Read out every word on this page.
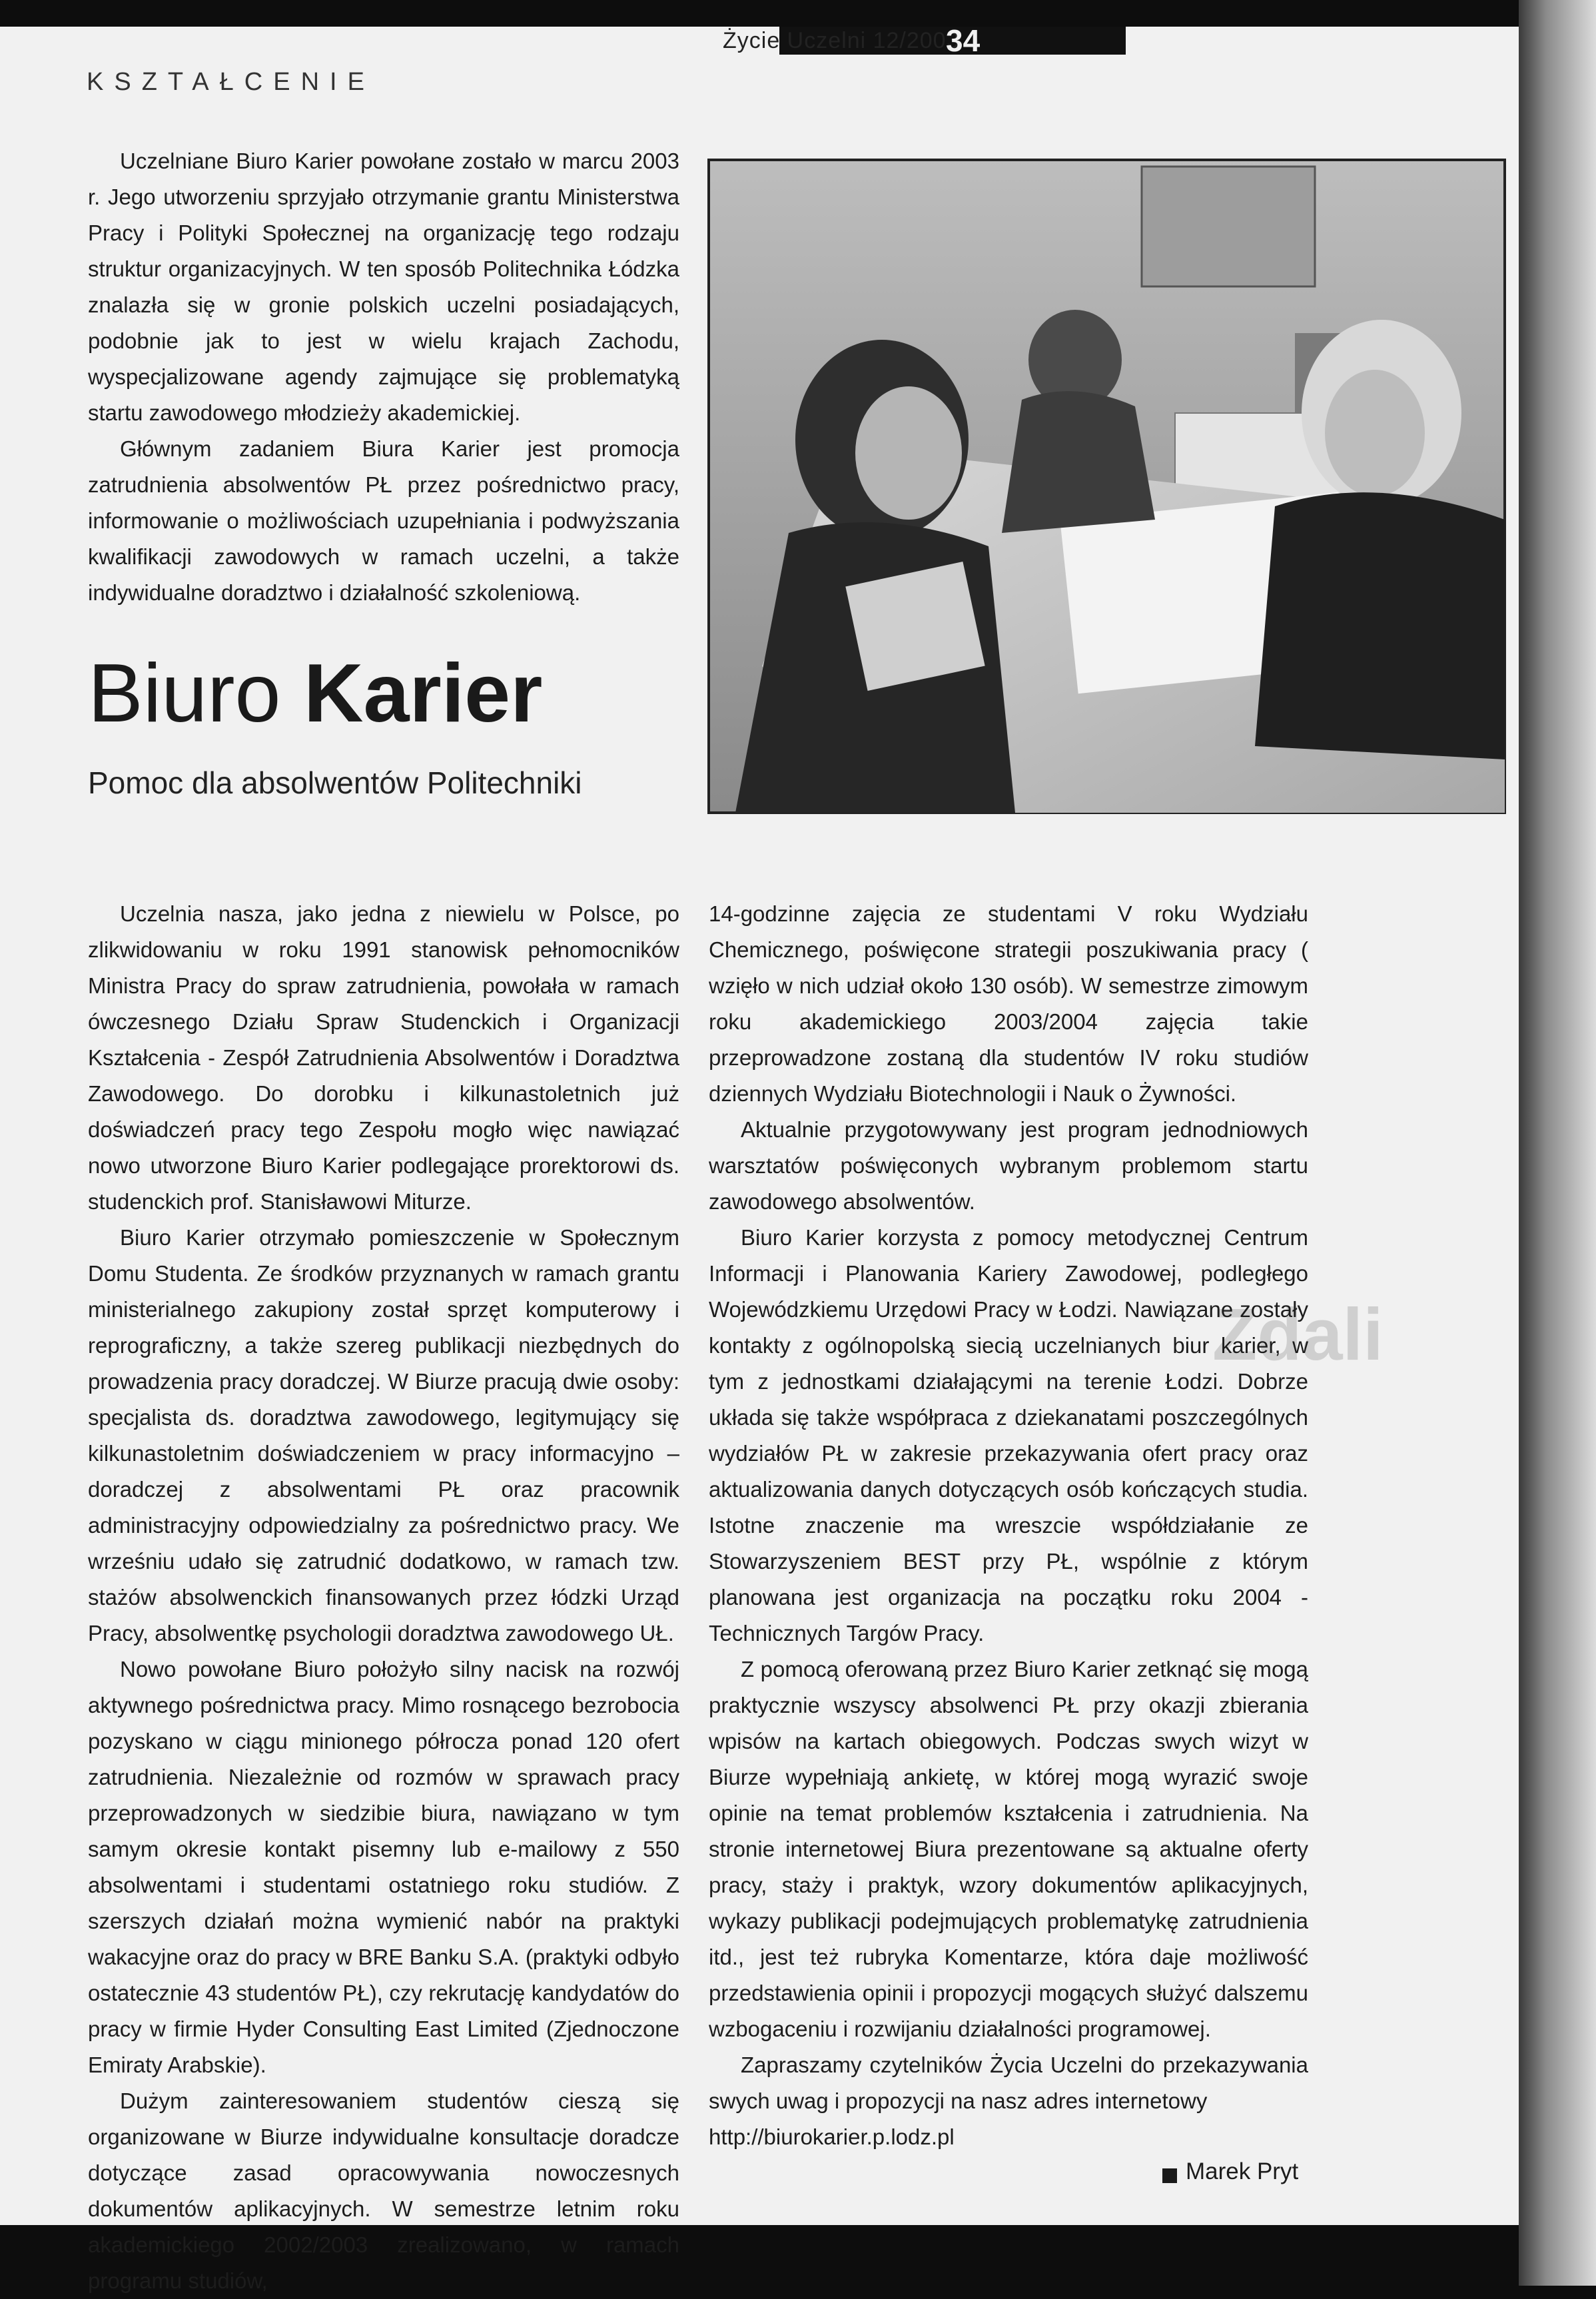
Życie Uczelni 12/2003
34
KSZTAŁCENIE
Zdali

Uczelniane Biuro Karier powołane zostało w marcu 2003 r. Jego utworzeniu sprzyjało otrzymanie grantu Ministerstwa Pracy i Polityki Społecznej na organizację tego rodzaju struktur organizacyjnych. W ten sposób Politechnika Łódzka znalazła się w gronie polskich uczelni posiadających, podobnie jak to jest w wielu krajach Zachodu, wyspecjalizowane agendy zajmujące się problematyką startu zawodowego młodzieży akademickiej.

Głównym zadaniem Biura Karier jest promocja zatrudnienia absolwentów PŁ przez pośrednictwo pracy, informowanie o możliwościach uzupełniania i podwyższania kwalifikacji zawodowych w ramach uczelni, a także indywidualne doradztwo i działalność szkoleniową.

Biuro Karier
Pomoc dla absolwentów Politechniki

Uczelnia nasza, jako jedna z niewielu w Polsce, po zlikwidowaniu w roku 1991 stanowisk pełnomocników Ministra Pracy do spraw zatrudnienia, powołała w ramach ówczesnego Działu Spraw Studenckich i Organizacji Kształcenia - Zespół Zatrudnienia Absolwentów i Doradztwa Zawodowego. Do dorobku i kilkunastoletnich już doświadczeń pracy tego Zespołu mogło więc nawiązać nowo utworzone Biuro Karier podlegające prorektorowi ds. studenckich prof. Stanisławowi Miturze.

Biuro Karier otrzymało pomieszczenie w Społecznym Domu Studenta. Ze środków przyznanych w ramach grantu ministerialnego zakupiony został sprzęt komputerowy i reprograficzny, a także szereg publikacji niezbędnych do prowadzenia pracy doradczej. W Biurze pracują dwie osoby: specjalista ds. doradztwa zawodowego, legitymujący się kilkunastoletnim doświadczeniem w pracy informacyjno – doradczej z absolwentami PŁ oraz pracownik administracyjny odpowiedzialny za pośrednictwo pracy. We wrześniu udało się zatrudnić dodatkowo, w ramach tzw. stażów absolwenckich finansowanych przez łódzki Urząd Pracy, absolwentkę psychologii doradztwa zawodowego UŁ.

Nowo powołane Biuro położyło silny nacisk na rozwój aktywnego pośrednictwa pracy. Mimo rosnącego bezrobocia pozyskano w ciągu minionego półrocza ponad 120 ofert zatrudnienia. Niezależnie od rozmów w sprawach pracy przeprowadzonych w siedzibie biura, nawiązano w tym samym okresie kontakt pisemny lub e-mailowy z 550 absolwentami i studentami ostatniego roku studiów. Z szerszych działań można wymienić nabór na praktyki wakacyjne oraz do pracy w BRE Banku S.A. (praktyki odbyło ostatecznie 43 studentów PŁ), czy rekrutację kandydatów do pracy w firmie Hyder Consulting East Limited (Zjednoczone Emiraty Arabskie).

Dużym zainteresowaniem studentów cieszą się organizowane w Biurze indywidualne konsultacje doradcze dotyczące zasad opracowywania nowoczesnych dokumentów aplikacyjnych. W semestrze letnim roku akademickiego 2002/2003 zrealizowano, w ramach programu studiów,

14-godzinne zajęcia ze studentami V roku Wydziału Chemicznego, poświęcone strategii poszukiwania pracy ( wzięło w nich udział około 130 osób). W semestrze zimowym roku akademickiego 2003/2004 zajęcia takie przeprowadzone zostaną dla studentów IV roku studiów dziennych Wydziału Biotechnologii i Nauk o Żywności.

Aktualnie przygotowywany jest program jednodniowych warsztatów poświęconych wybranym problemom startu zawodowego absolwentów.

Biuro Karier korzysta z pomocy metodycznej Centrum Informacji i Planowania Kariery Zawodowej, podległego Wojewódzkiemu Urzędowi Pracy w Łodzi. Nawiązane zostały kontakty z ogólnopolską siecią uczelnianych biur karier, w tym z jednostkami działającymi na terenie Łodzi. Dobrze układa się także współpraca z dziekanatami poszczególnych wydziałów PŁ w zakresie przekazywania ofert pracy oraz aktualizowania danych dotyczących osób kończących studia. Istotne znaczenie ma wreszcie współdziałanie ze Stowarzyszeniem BEST przy PŁ, wspólnie z którym planowana jest organizacja na początku roku 2004 - Technicznych Targów Pracy.

Z pomocą oferowaną przez Biuro Karier zetknąć się mogą praktycznie wszyscy absolwenci PŁ przy okazji zbierania wpisów na kartach obiegowych. Podczas swych wizyt w Biurze wypełniają ankietę, w której mogą wyrazić swoje opinie na temat problemów kształcenia i zatrudnienia. Na stronie internetowej Biura prezentowane są aktualne oferty pracy, staży i praktyk, wzory dokumentów aplikacyjnych, wykazy publikacji podejmujących problematykę zatrudnienia itd., jest też rubryka Komentarze, która daje możliwość przedstawienia opinii i propozycji mogących służyć dalszemu wzbogaceniu i rozwijaniu działalności programowej.

Zapraszamy czytelników Życia Uczelni do przekazywania swych uwag i propozycji na nasz adres internetowy

http://biurokarier.p.lodz.pl

Marek Pryt
